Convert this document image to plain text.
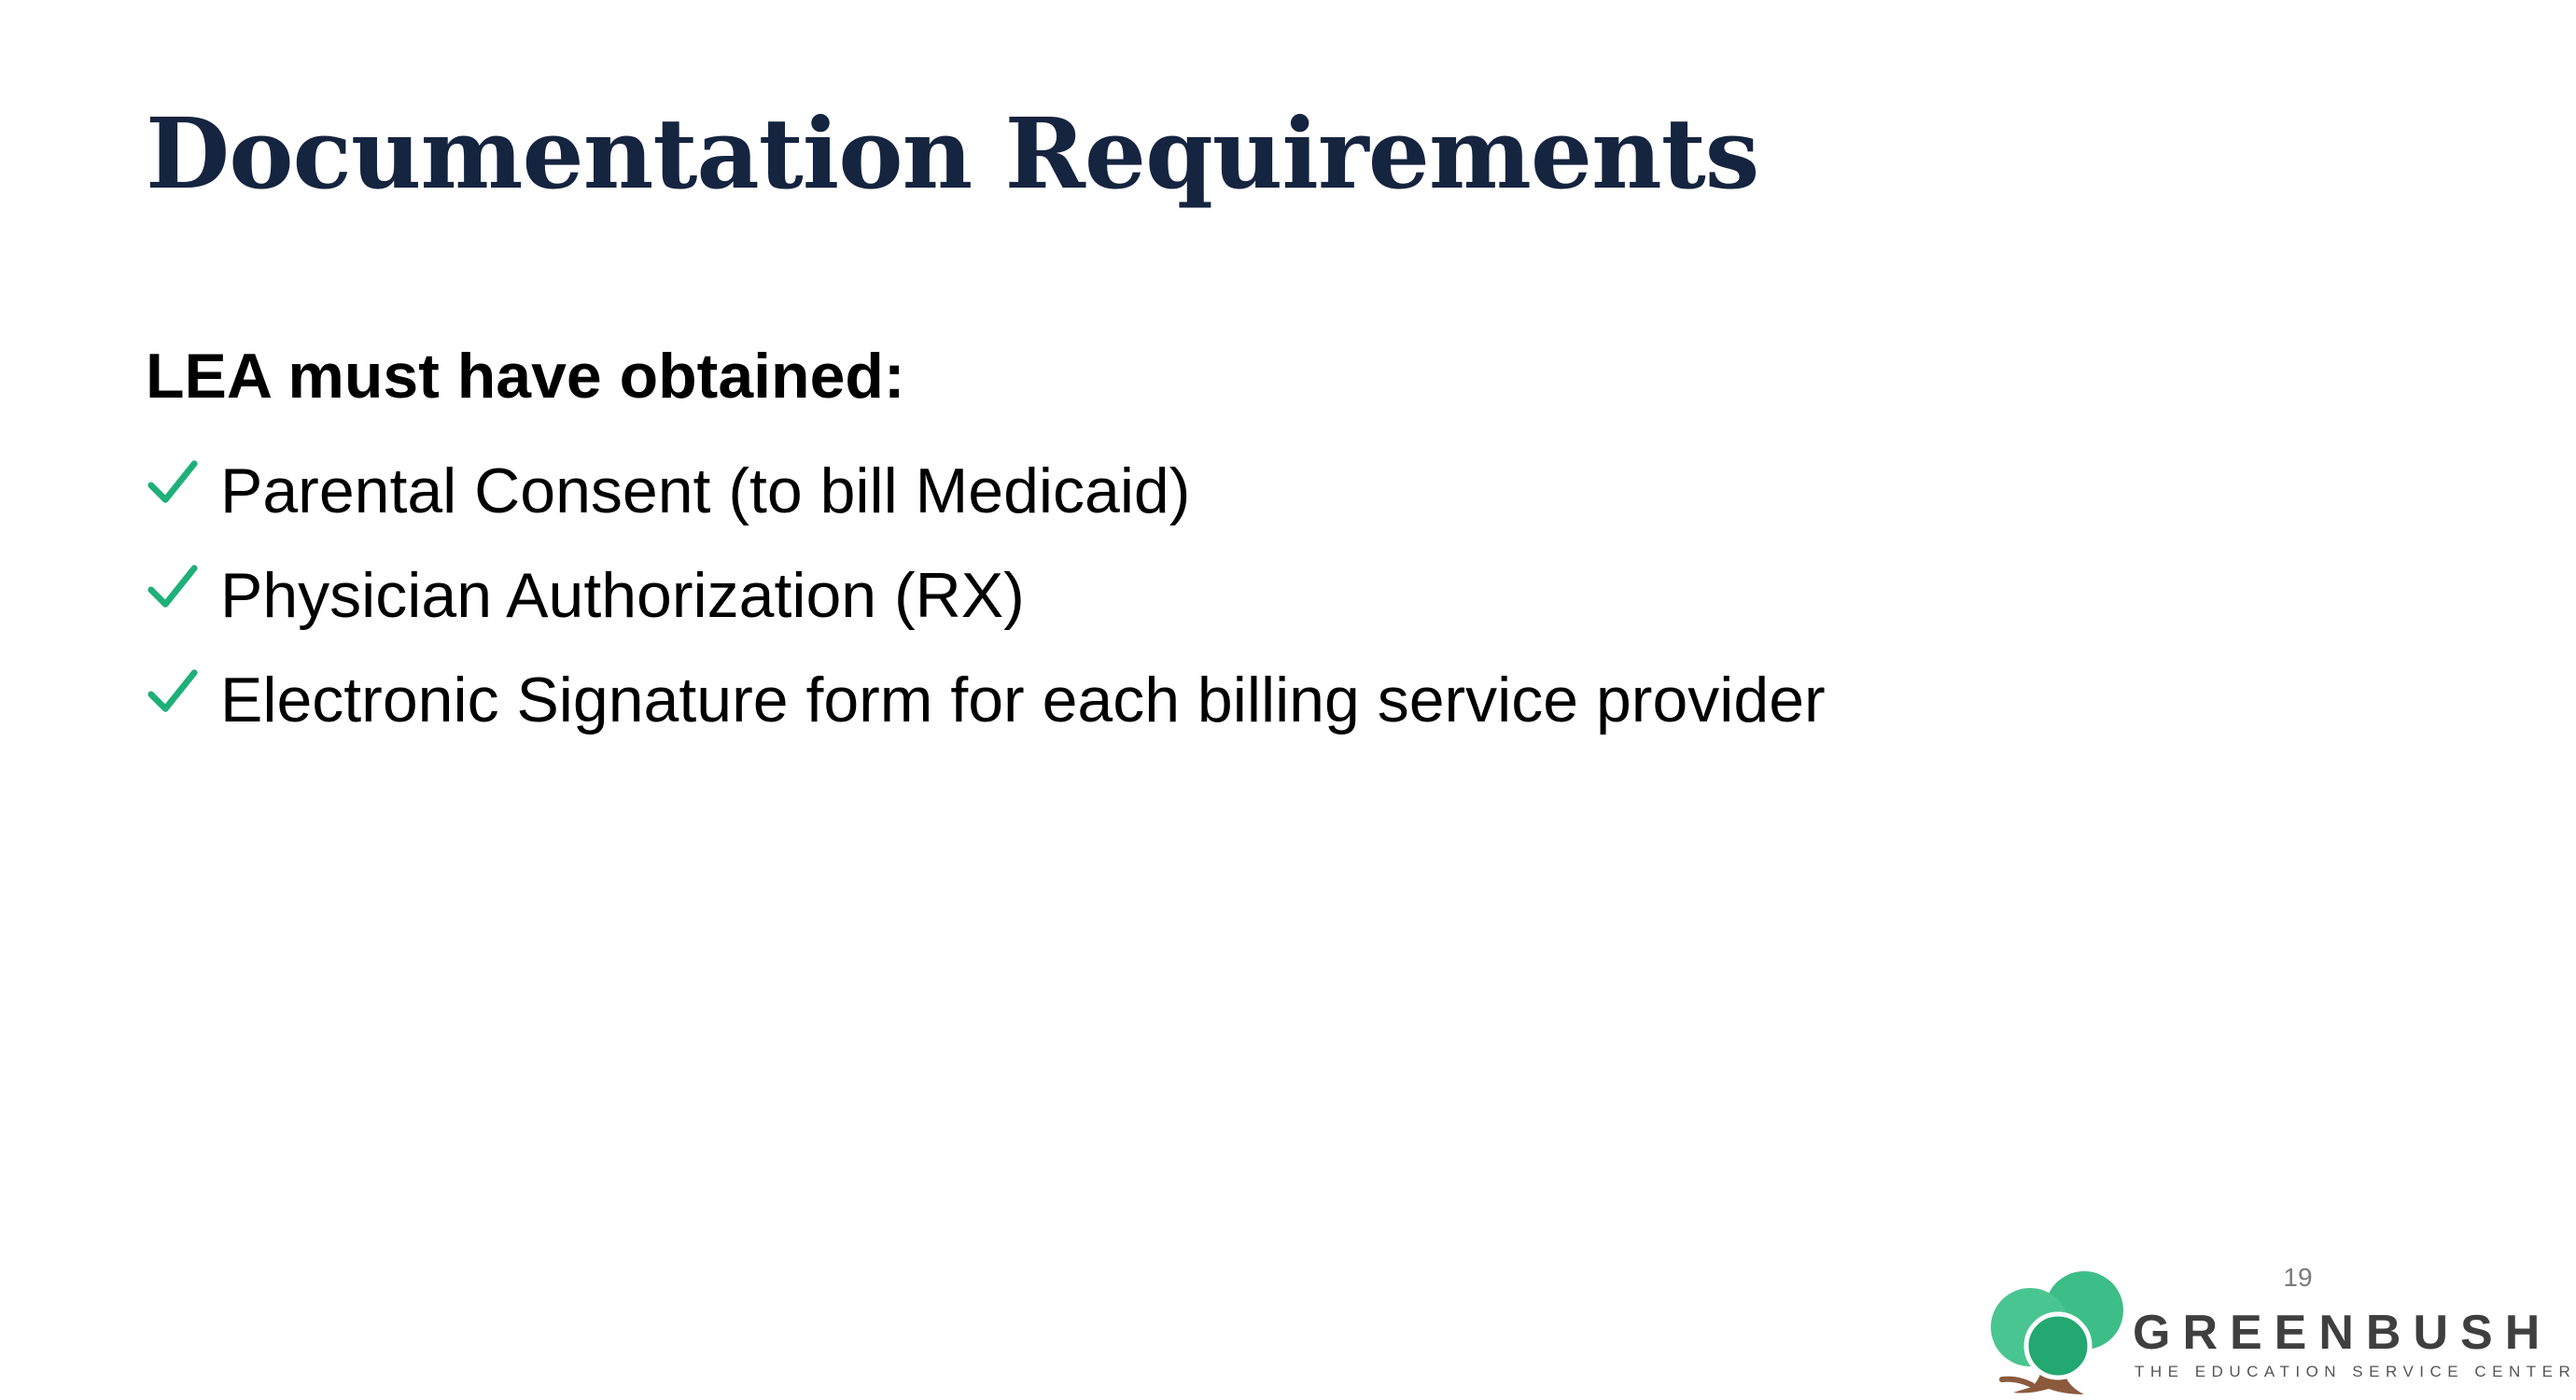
Documentation Requirements

LEA must have obtained:

Parental Consent (to bill Medicaid)
Physician Authorization (RX)
Electronic Signature form for each billing service provider
19
GREENBUSH
THE EDUCATION SERVICE CENTER
